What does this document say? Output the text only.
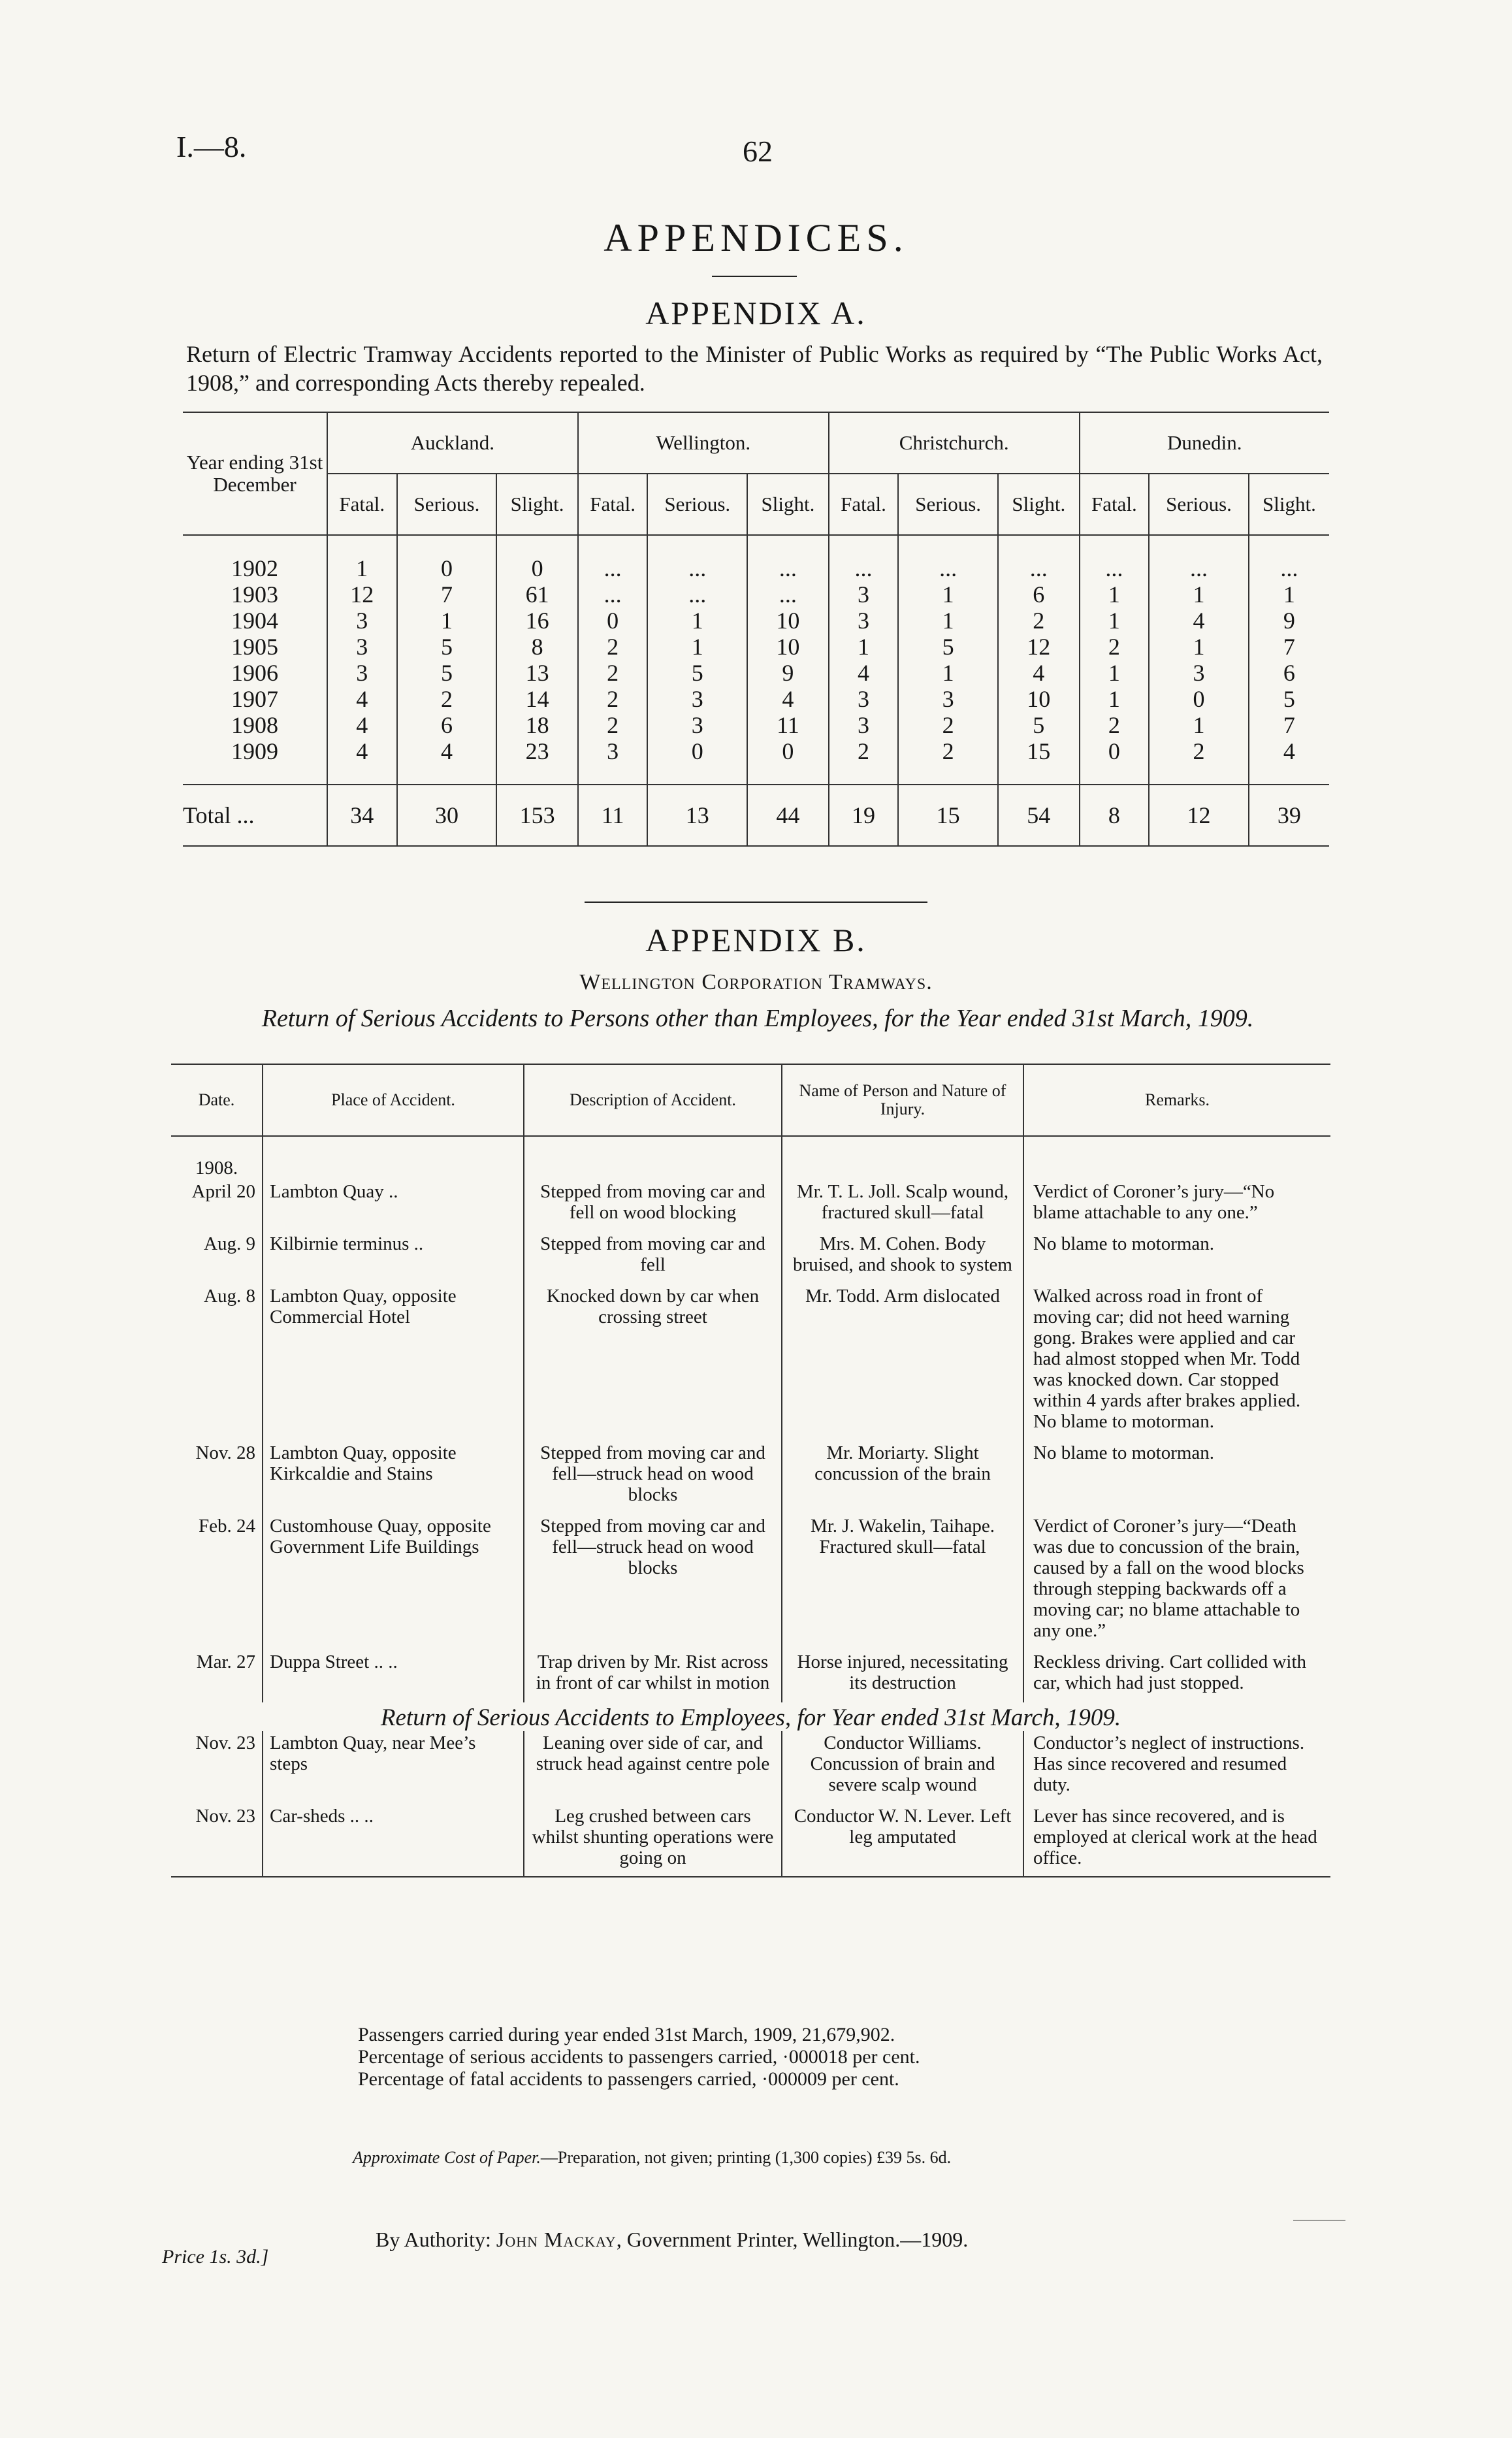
I.—8.	62
APPENDICES.
APPENDIX A.
Return of Electric Tramway Accidents reported to the Minister of Public Works as required by “The Public Works Act, 1908,” and corresponding Acts thereby repealed.
Year ending 31st December	Auckland.			Wellington.			Christchurch.			Dunedin.		
	Fatal.	Serious.	Slight.	Fatal.	Serious.	Slight.	Fatal.	Serious.	Slight.	Fatal.	Serious.	Slight.
1902	1	0	0	...	...	...	...	...	...	...	...	...
1903	12	7	61	...	...	...	3	1	6	1	1	1
1904	3	1	16	0	1	10	3	1	2	1	4	9
1905	3	5	8	2	1	10	1	5	12	2	1	7
1906	3	5	13	2	5	9	4	1	4	1	3	6
1907	4	2	14	2	3	4	3	3	10	1	0	5
1908	4	6	18	2	3	11	3	2	5	2	1	7
1909	4	4	23	3	0	0	2	2	15	0	2	4
Total ...	34	30	153	11	13	44	19	15	54	8	12	39
APPENDIX B.
Wellington Corporation Tramways.
Return of Serious Accidents to Persons other than Employees, for the Year ended 31st March, 1909.
Date.	Place of Accident.	Description of Accident.	Name of Person and Nature of Injury.	Remarks.

1908.				
April 20	Lambton Quay ..	Stepped from moving car and fell on wood blocking	Mr. T. L. Joll. Scalp wound, fractured skull—fatal	Verdict of Coroner’s jury—“No blame attachable to any one.”

Aug. 9	Kilbirnie terminus ..	Stepped from moving car and fell	Mrs. M. Cohen. Body bruised, and shook to system	No blame to motorman.

Aug. 8	Lambton Quay, opposite Commercial Hotel	Knocked down by car when crossing street	Mr. Todd. Arm dislocated	Walked across road in front of moving car; did not heed warning gong. Brakes were applied and car had almost stopped when Mr. Todd was knocked down. Car stopped within 4 yards after brakes applied. No blame to motorman.

Nov. 28	Lambton Quay, opposite Kirkcaldie and Stains	Stepped from moving car and fell—struck head on wood blocks	Mr. Moriarty. Slight concussion of the brain	No blame to motorman.

Feb. 24	Customhouse Quay, opposite Government Life Buildings	Stepped from moving car and fell—struck head on wood blocks	Mr. J. Wakelin, Taihape. Fractured skull—fatal	Verdict of Coroner’s jury—“Death was due to concussion of the brain, caused by a fall on the wood blocks through stepping backwards off a moving car; no blame attachable to any one.”

Mar. 27	Duppa Street .. ..	Trap driven by Mr. Rist across in front of car whilst in motion	Horse injured, necessitating its destruction	Reckless driving. Cart collided with car, which had just stopped.

Return of Serious Accidents to Employees, for Year ended 31st March, 1909.				
Nov. 23	Lambton Quay, near Mee’s steps	Leaning over side of car, and struck head against centre pole	Conductor Williams. Concussion of brain and severe scalp wound	Conductor’s neglect of instructions. Has since recovered and resumed duty.

Nov. 23	Car-sheds .. ..	Leg crushed between cars whilst shunting operations were going on	Conductor W. N. Lever. Left leg amputated	Lever has since recovered, and is employed at clerical work at the head office.
Passengers carried during year ended 31st March, 1909, 21,679,902.
Percentage of serious accidents to passengers carried, ·000018 per cent.
Percentage of fatal accidents to passengers carried, ·000009 per cent.
Approximate Cost of Paper.—Preparation, not given; printing (1,300 copies) £39 5s. 6d.
By Authority: John Mackay, Government Printer, Wellington.—1909.
Price 1s. 3d.]
